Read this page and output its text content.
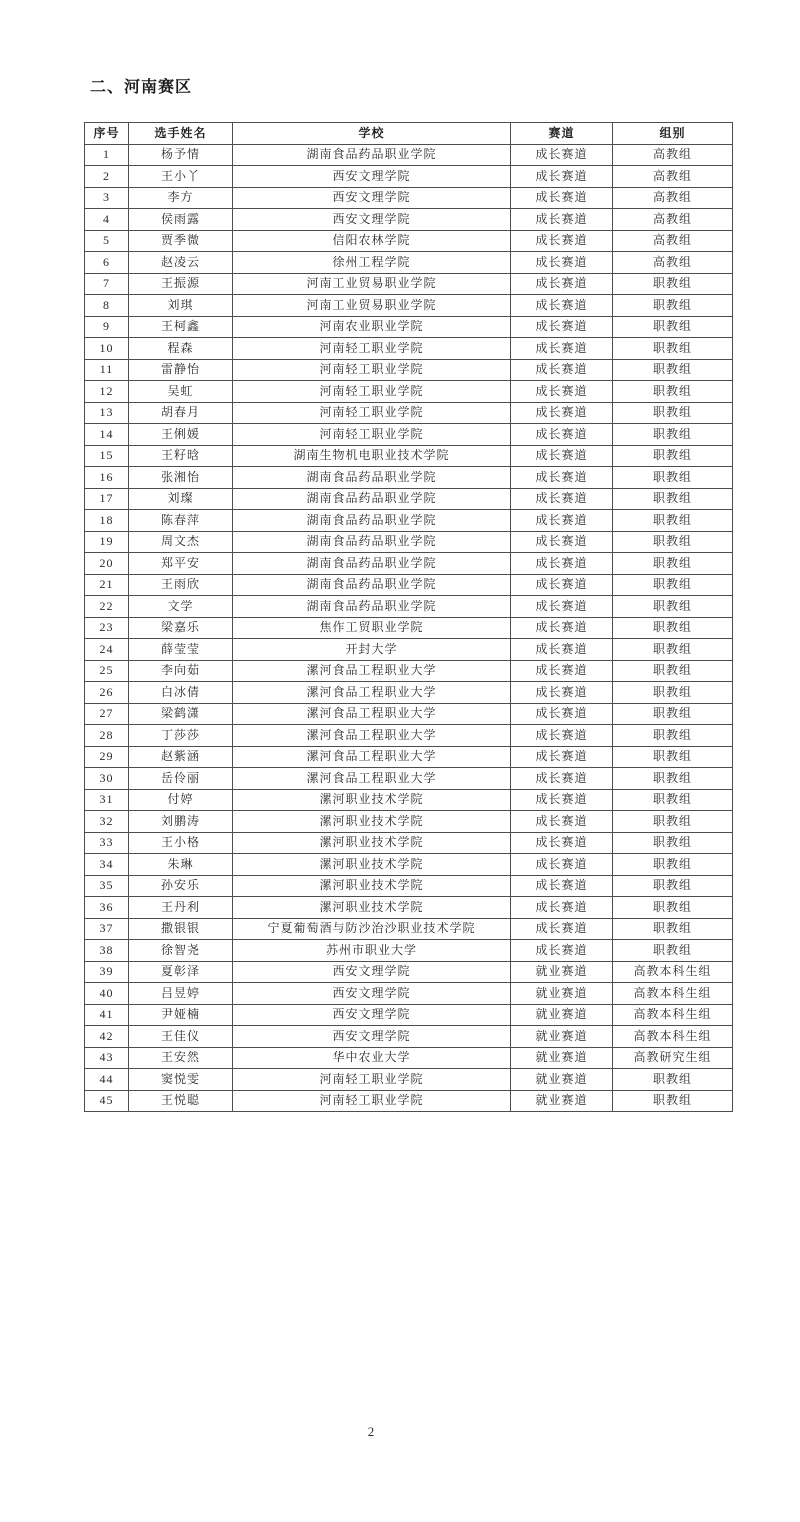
二、河南赛区
序号	选手姓名	学校	赛道	组别
1	杨予情	湖南食品药品职业学院	成长赛道	高教组
2	王小丫	西安文理学院	成长赛道	高教组
3	李方	西安文理学院	成长赛道	高教组
4	侯雨露	西安文理学院	成长赛道	高教组
5	贾季微	信阳农林学院	成长赛道	高教组
6	赵凌云	徐州工程学院	成长赛道	高教组
7	王振源	河南工业贸易职业学院	成长赛道	职教组
8	刘琪	河南工业贸易职业学院	成长赛道	职教组
9	王柯鑫	河南农业职业学院	成长赛道	职教组
10	程森	河南轻工职业学院	成长赛道	职教组
11	雷静怡	河南轻工职业学院	成长赛道	职教组
12	吴虹	河南轻工职业学院	成长赛道	职教组
13	胡春月	河南轻工职业学院	成长赛道	职教组
14	王俐媛	河南轻工职业学院	成长赛道	职教组
15	王籽晗	湖南生物机电职业技术学院	成长赛道	职教组
16	张湘怡	湖南食品药品职业学院	成长赛道	职教组
17	刘璨	湖南食品药品职业学院	成长赛道	职教组
18	陈春萍	湖南食品药品职业学院	成长赛道	职教组
19	周文杰	湖南食品药品职业学院	成长赛道	职教组
20	郑平安	湖南食品药品职业学院	成长赛道	职教组
21	王雨欣	湖南食品药品职业学院	成长赛道	职教组
22	文学	湖南食品药品职业学院	成长赛道	职教组
23	梁嘉乐	焦作工贸职业学院	成长赛道	职教组
24	薛莹莹	开封大学	成长赛道	职教组
25	李向茹	漯河食品工程职业大学	成长赛道	职教组
26	白冰倩	漯河食品工程职业大学	成长赛道	职教组
27	梁鹤潇	漯河食品工程职业大学	成长赛道	职教组
28	丁莎莎	漯河食品工程职业大学	成长赛道	职教组
29	赵紫涵	漯河食品工程职业大学	成长赛道	职教组
30	岳伶丽	漯河食品工程职业大学	成长赛道	职教组
31	付婷	漯河职业技术学院	成长赛道	职教组
32	刘鹏涛	漯河职业技术学院	成长赛道	职教组
33	王小格	漯河职业技术学院	成长赛道	职教组
34	朱琳	漯河职业技术学院	成长赛道	职教组
35	孙安乐	漯河职业技术学院	成长赛道	职教组
36	王丹利	漯河职业技术学院	成长赛道	职教组
37	撒银银	宁夏葡萄酒与防沙治沙职业技术学院	成长赛道	职教组
38	徐智尧	苏州市职业大学	成长赛道	职教组
39	夏彰泽	西安文理学院	就业赛道	高教本科生组
40	吕昱婷	西安文理学院	就业赛道	高教本科生组
41	尹娅楠	西安文理学院	就业赛道	高教本科生组
42	王佳仪	西安文理学院	就业赛道	高教本科生组
43	王安然	华中农业大学	就业赛道	高教研究生组
44	窦悦雯	河南轻工职业学院	就业赛道	职教组
45	王悦聪	河南轻工职业学院	就业赛道	职教组
2
